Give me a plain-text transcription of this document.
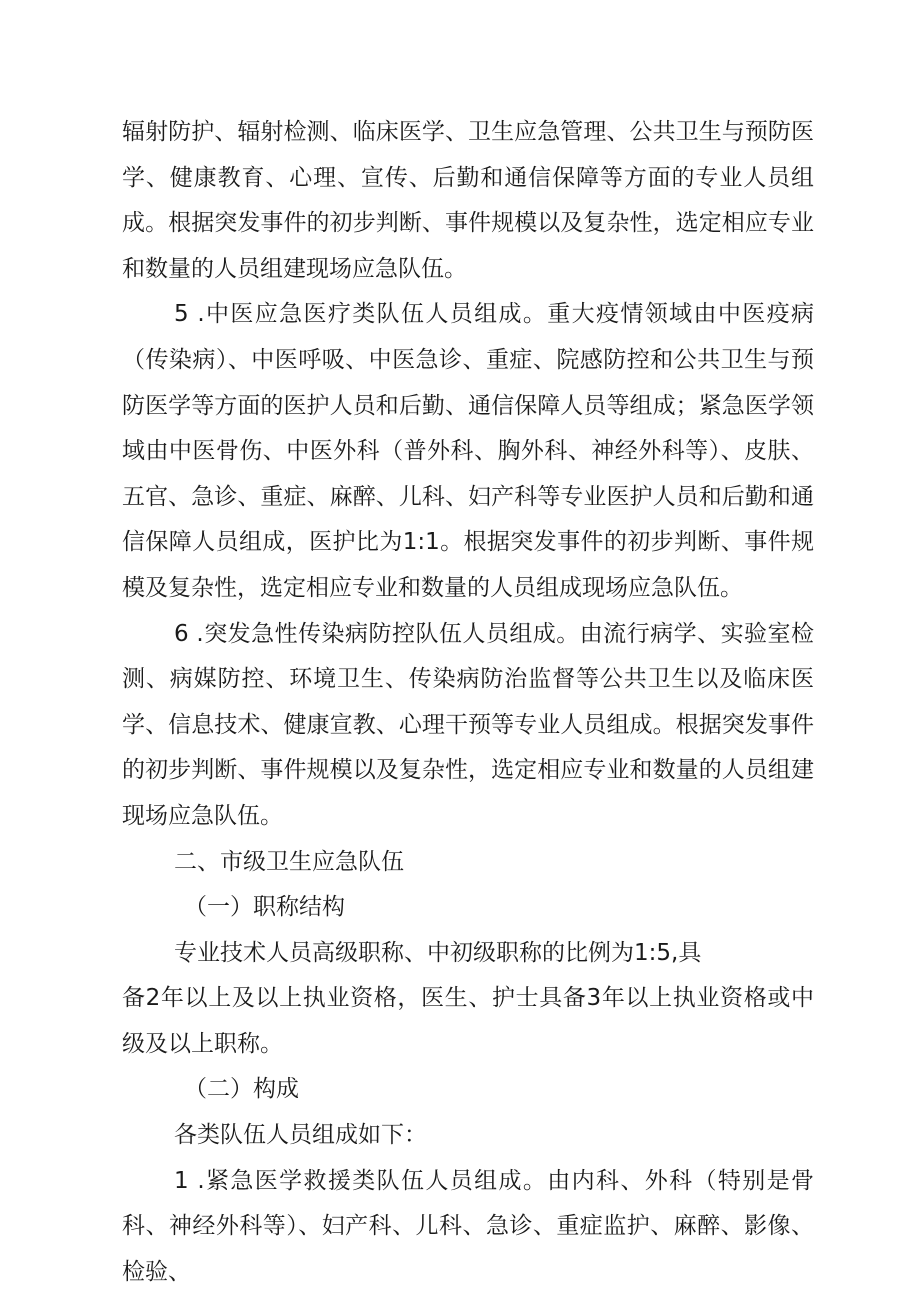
辐射防护、辐射检测、临床医学、卫生应急管理、公共卫生与预防医学、健康教育、心理、宣传、后勤和通信保障等方面的专业人员组成。根据突发事件的初步判断、事件规模以及复杂性，选定相应专业和数量的人员组建现场应急队伍。

5 .中医应急医疗类队伍人员组成。重大疫情领域由中医疫病（传染病）、中医呼吸、中医急诊、重症、院感防控和公共卫生与预防医学等方面的医护人员和后勤、通信保障人员等组成；紧急医学领域由中医骨伤、中医外科（普外科、胸外科、神经外科等）、皮肤、五官、急诊、重症、麻醉、儿科、妇产科等专业医护人员和后勤和通信保障人员组成，医护比为1:1。根据突发事件的初步判断、事件规模及复杂性，选定相应专业和数量的人员组成现场应急队伍。

6 .突发急性传染病防控队伍人员组成。由流行病学、实验室检测、病媒防控、环境卫生、传染病防治监督等公共卫生以及临床医学、信息技术、健康宣教、心理干预等专业人员组成。根据突发事件的初步判断、事件规模以及复杂性，选定相应专业和数量的人员组建现场应急队伍。

二、市级卫生应急队伍

（一）职称结构

专业技术人员高级职称、中初级职称的比例为1:5,具

备2年以上及以上执业资格，医生、护士具备3年以上执业资格或中级及以上职称。

（二）构成

各类队伍人员组成如下：

1 .紧急医学救援类队伍人员组成。由内科、外科（特别是骨科、神经外科等）、妇产科、儿科、急诊、重症监护、麻醉、影像、检验、
